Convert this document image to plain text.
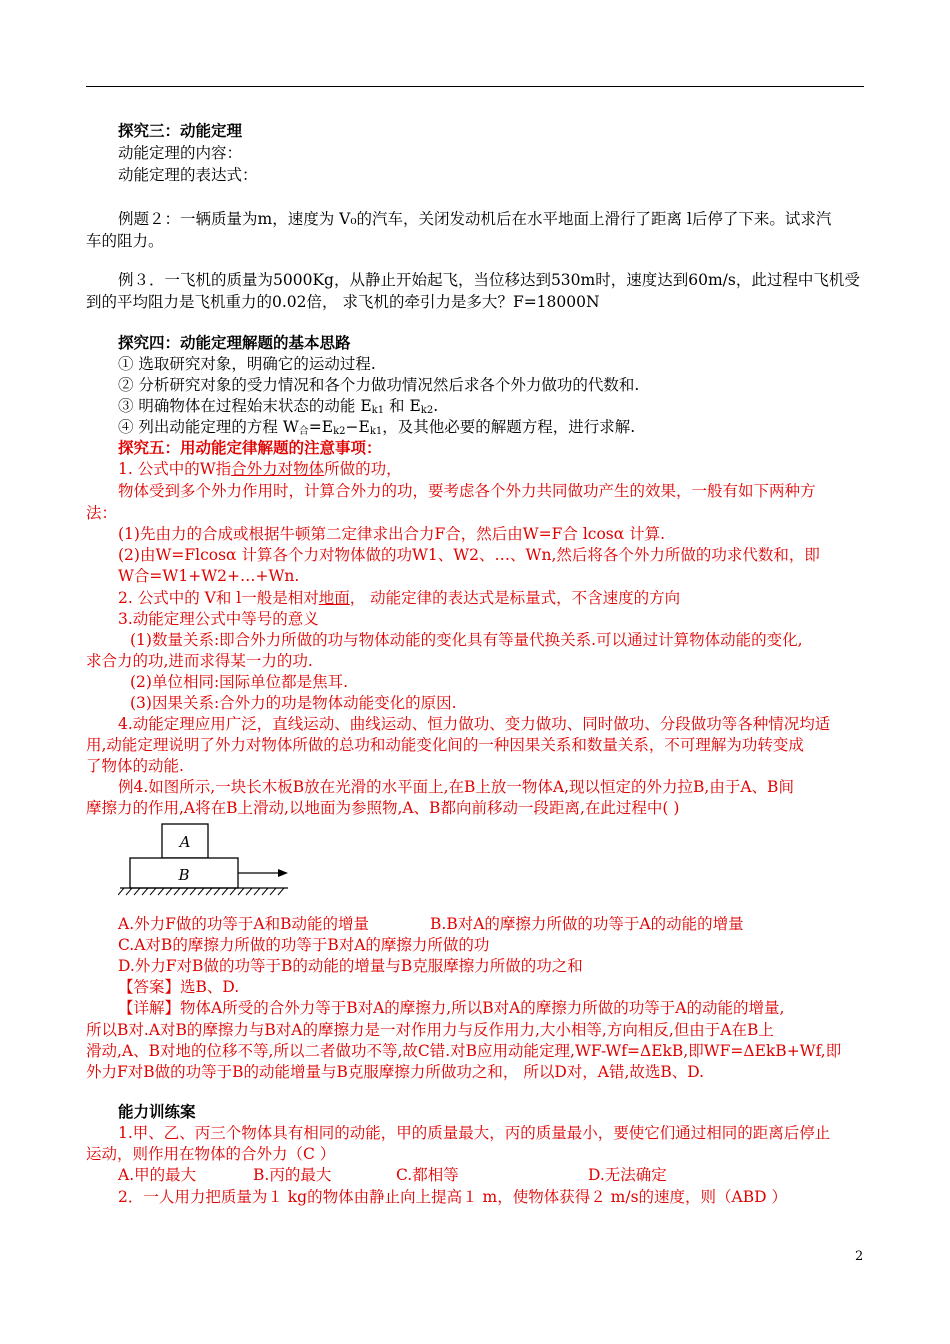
探究三：动能定理
动能定理的内容：
动能定理的表达式：
例题２：一辆质量为m，速度为 V₀的汽车，关闭发动机后在水平地面上滑行了距离 l后停了下来。试求汽
车的阻力。
例３．一飞机的质量为5000Kg，从静止开始起飞，当位移达到530m时，速度达到60m/s，此过程中飞机受
到的平均阻力是飞机重力的0.02倍， 求飞机的牵引力是多大？F=18000N
探究四：动能定理解题的基本思路
① 选取研究对象，明确它的运动过程.
② 分析研究对象的受力情况和各个力做功情况然后求各个外力做功的代数和.
③ 明确物体在过程始末状态的动能 $E_{k1}$ 和 $E_{k2}$.
④ 列出动能定理的方程 $W_合=E_{k2}-E_{k1}$，及其他必要的解题方程，进行求解.
探究五：用动能定律解题的注意事项：
1. 公式中的W指合外力对物体所做的功，
物体受到多个外力作用时，计算合外力的功，要考虑各个外力共同做功产生的效果，一般有如下两种方
法：
(1)先由力的合成或根据牛顿第二定律求出合力F合，然后由W=F合 lcosα 计算.
(2)由W=Flcosα 计算各个力对物体做的功W1、W2、…、Wn,然后将各个外力所做的功求代数和，即
W合=W1+W2+…+Wn.
2. 公式中的 V和 l一般是相对地面， 动能定律的表达式是标量式，不含速度的方向
3.动能定理公式中等号的意义
(1)数量关系:即合外力所做的功与物体动能的变化具有等量代换关系.可以通过计算物体动能的变化,
求合力的功,进而求得某一力的功.
(2)单位相同:国际单位都是焦耳.
(3)因果关系:合外力的功是物体动能变化的原因.
4.动能定理应用广泛，直线运动、曲线运动、恒力做功、变力做功、同时做功、分段做功等各种情况均适
用,动能定理说明了外力对物体所做的总功和动能变化间的一种因果关系和数量关系，不可理解为功转变成
了物体的动能.
例4.如图所示,一块长木板B放在光滑的水平面上,在B上放一物体A,现以恒定的外力拉B,由于A、B间
摩擦力的作用,A将在B上滑动,以地面为参照物,A、B都向前移动一段距离,在此过程中( )
A
B
A.外力F做的功等于A和B动能的增量	B.B对A的摩擦力所做的功等于A的动能的增量
C.A对B的摩擦力所做的功等于B对A的摩擦力所做的功
D.外力F对B做的功等于B的动能的增量与B克服摩擦力所做的功之和
【答案】选B、D.
【详解】物体A所受的合外力等于B对A的摩擦力,所以B对A的摩擦力所做的功等于A的动能的增量,
所以B对.A对B的摩擦力与B对A的摩擦力是一对作用力与反作用力,大小相等,方向相反,但由于A在B上
滑动,A、B对地的位移不等,所以二者做功不等,故C错.对B应用动能定理,WF-Wf=ΔEkB,即WF=ΔEkB+Wf,即
外力F对B做的功等于B的动能增量与B克服摩擦力所做功之和， 所以D对，A错,故选B、D.
能力训练案
1.甲、乙、丙三个物体具有相同的动能，甲的质量最大，丙的质量最小，要使它们通过相同的距离后停止
运动，则作用在物体的合外力（C ）
A.甲的最大	B.丙的最大	C.都相等	D.无法确定
2．一人用力把质量为１ kg的物体由静止向上提高１ m，使物体获得２ m/s的速度，则（ABD ）
2
